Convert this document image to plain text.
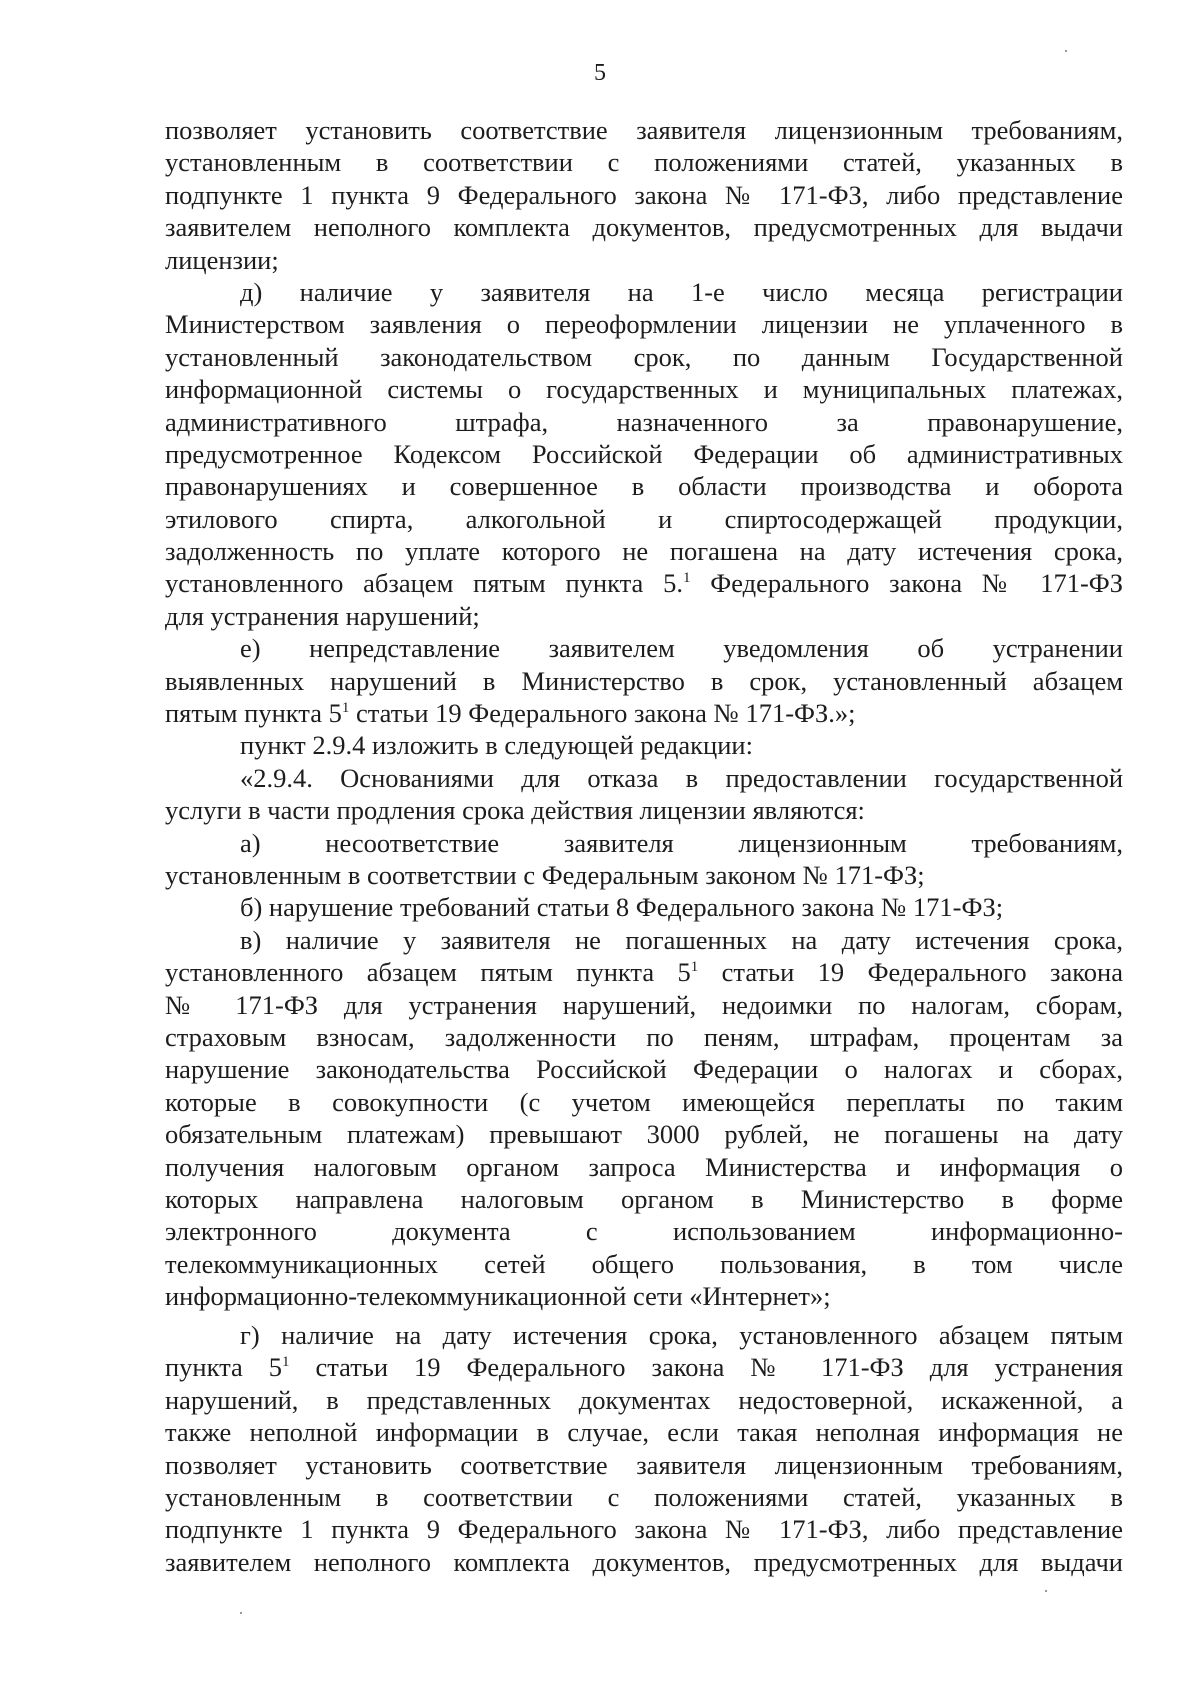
5
позволяет установить соответствие заявителя лицензионным требованиям,
установленным в соответствии с положениями статей, указанных в
подпункте 1 пункта 9 Федерального закона № 171-ФЗ, либо представление
заявителем неполного комплекта документов, предусмотренных для выдачи
лицензии;
д) наличие у заявителя на 1-е число месяца регистрации
Министерством заявления о переоформлении лицензии не уплаченного в
установленный законодательством срок, по данным Государственной
информационной системы о государственных и муниципальных платежах,
административного штрафа, назначенного за правонарушение,
предусмотренное Кодексом Российской Федерации об административных
правонарушениях и совершенное в области производства и оборота
этилового спирта, алкогольной и спиртосодержащей продукции,
задолженность по уплате которого не погашена на дату истечения срока,
установленного абзацем пятым пункта 5.$^1$ Федерального закона № 171-ФЗ
для устранения нарушений;
е) непредставление заявителем уведомления об устранении
выявленных нарушений в Министерство в срок, установленный абзацем
пятым пункта $5^1$ статьи 19 Федерального закона № 171-ФЗ.»;
пункт 2.9.4 изложить в следующей редакции:
«2.9.4. Основаниями для отказа в предоставлении государственной
услуги в части продления срока действия лицензии являются:
а) несоответствие заявителя лицензионным требованиям,
установленным в соответствии с Федеральным законом № 171-ФЗ;
б) нарушение требований статьи 8 Федерального закона № 171-ФЗ;
в) наличие у заявителя не погашенных на дату истечения срока,
установленного абзацем пятым пункта $5^1$ статьи 19 Федерального закона
№ 171-ФЗ для устранения нарушений, недоимки по налогам, сборам,
страховым взносам, задолженности по пеням, штрафам, процентам за
нарушение законодательства Российской Федерации о налогах и сборах,
которые в совокупности (с учетом имеющейся переплаты по таким
обязательным платежам) превышают 3000 рублей, не погашены на дату
получения налоговым органом запроса Министерства и информация о
которых направлена налоговым органом в Министерство в форме
электронного документа с использованием информационно-
телекоммуникационных сетей общего пользования, в том числе
информационно-телекоммуникационной сети «Интернет»;
г) наличие на дату истечения срока, установленного абзацем пятым
пункта $5^1$ статьи 19 Федерального закона № 171-ФЗ для устранения
нарушений, в представленных документах недостоверной, искаженной, а
также неполной информации в случае, если такая неполная информация не
позволяет установить соответствие заявителя лицензионным требованиям,
установленным в соответствии с положениями статей, указанных в
подпункте 1 пункта 9 Федерального закона № 171-ФЗ, либо представление
заявителем неполного комплекта документов, предусмотренных для выдачи
